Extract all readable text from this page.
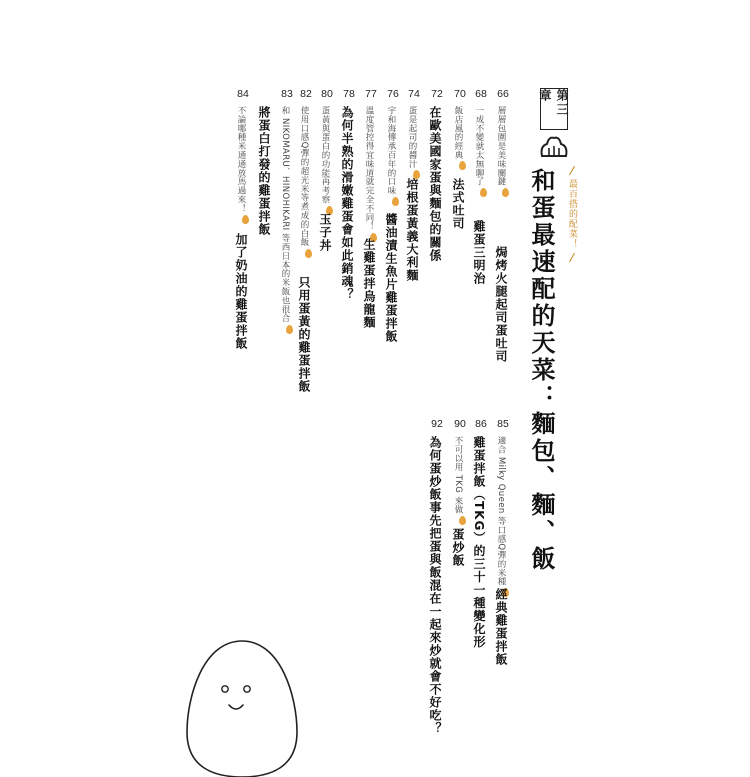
第三章
和蛋最速配的天菜：麵包、麵、飯	最百搭的配菜！
66
層層包圍是美味關鍵
焗烤火腿起司蛋吐司
68
一成不變就太無聊了
雞蛋三明治
70
飯店風的經典
法式吐司
72
在歐美國家蛋與麵包的關係
74
蛋是起司的醬汁
培根蛋黃義大利麵
76
宇和海傳承百年的口味
醬油漬生魚片雞蛋拌飯
77
溫度管控得宜味道就完全不同！
生雞蛋拌烏龍麵
78
為何半熟的滑嫩雞蛋會如此銷魂？
80
蛋黃與蛋白的功能再考察
玉子丼
82
使用口感Q彈的超光米等煮成的白飯
只用蛋黃的雞蛋拌飯
83
和 NIKOMARU、HINOHIKARI 等西日本的米飯也很合
將蛋白打發的雞蛋拌飯
84
不論哪種米通通放馬過來！
加了奶油的雞蛋拌飯
85
適合 Milky Queen 等口感Q彈的米種
經典雞蛋拌飯
86
雞蛋拌飯（TKG）的三十一種變化形
90
不可以用 TKG 來做
蛋炒飯
92
為何蛋炒飯事先把蛋與飯混在一起來炒就會不好吃？
